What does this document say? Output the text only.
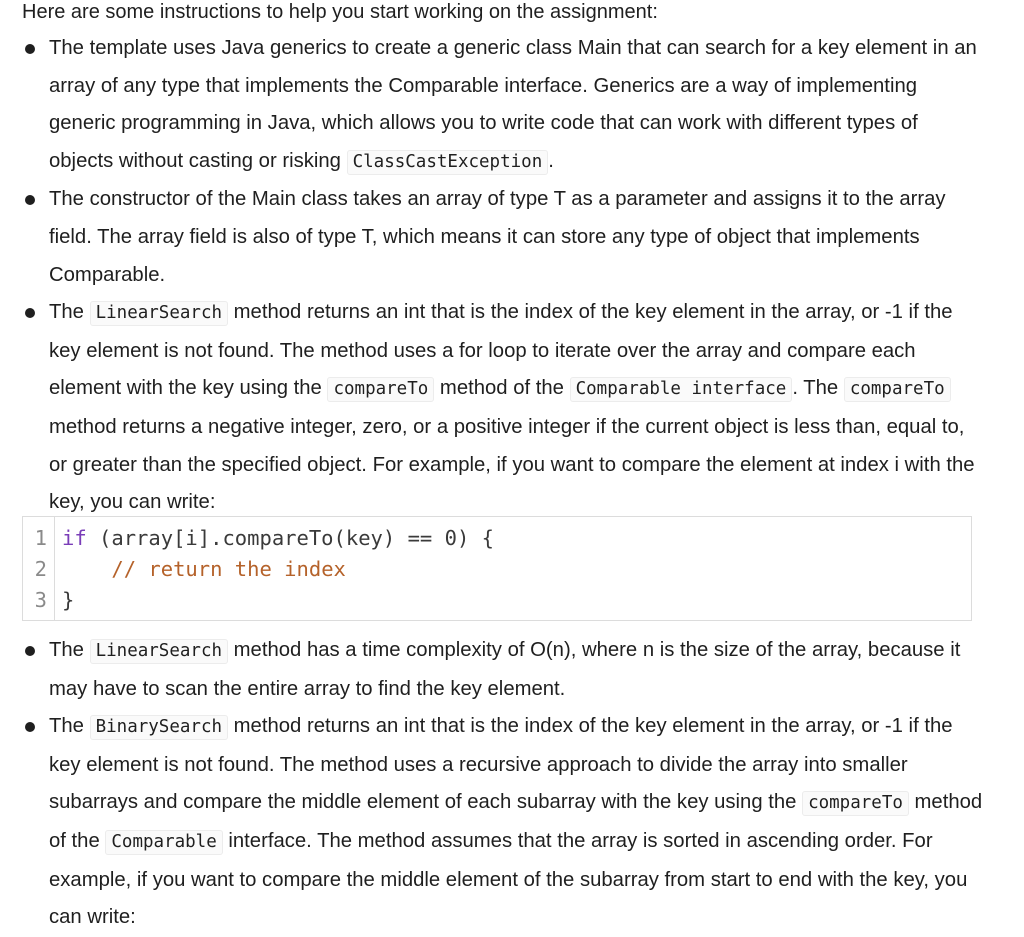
Here are some instructions to help you start working on the assignment:
The template uses Java generics to create a generic class Main that can search for a key element in an array of any type that implements the Comparable interface. Generics are a way of implementing generic programming in Java, which allows you to write code that can work with different types of objects without casting or risking ClassCastException .
The constructor of the Main class takes an array of type T as a parameter and assigns it to the array field. The array field is also of type T, which means it can store any type of object that implements Comparable.
The LinearSearch method returns an int that is the index of the key element in the array, or -1 if the key element is not found. The method uses a for loop to iterate over the array and compare each element with the key using the compareTo method of the Comparable interface . The compareTo method returns a negative integer, zero, or a positive integer if the current object is less than, equal to, or greater than the specified object. For example, if you want to compare the element at index i with the key, you can write:
1 if (array[i].compareTo(key) == 0) {
2	// return the index
3 }
The LinearSearch method has a time complexity of O(n), where n is the size of the array, because it may have to scan the entire array to find the key element.
The BinarySearch method returns an int that is the index of the key element in the array, or -1 if the key element is not found. The method uses a recursive approach to divide the array into smaller subarrays and compare the middle element of each subarray with the key using the compareTo method of the Comparable interface. The method assumes that the array is sorted in ascending order. For example, if you want to compare the middle element of the subarray from start to end with the key, you can write:
